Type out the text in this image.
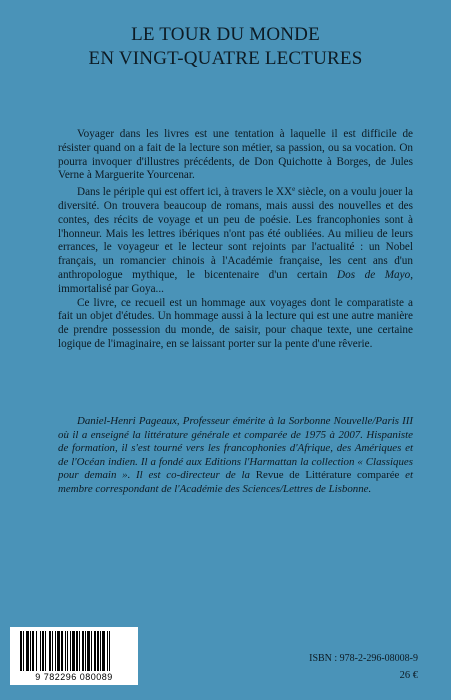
LE TOUR DU MONDE
EN VINGT-QUATRE LECTURES

Voyager dans les livres est une tentation à laquelle il est difficile de résister quand on a fait de la lecture son métier, sa passion, ou sa vocation. On pourra invoquer d'illustres précédents, de Don Quichotte à Borges, de Jules Verne à Marguerite Yourcenar.

Dans le périple qui est offert ici, à travers le XXe siècle, on a voulu jouer la diversité. On trouvera beaucoup de romans, mais aussi des nouvelles et des contes, des récits de voyage et un peu de poésie. Les francophonies sont à l'honneur. Mais les lettres ibériques n'ont pas été oubliées. Au milieu de leurs errances, le voyageur et le lecteur sont rejoints par l'actualité : un Nobel français, un romancier chinois à l'Académie française, les cent ans d'un anthropologue mythique, le bicentenaire d'un certain Dos de Mayo, immortalisé par Goya...

Ce livre, ce recueil est un hommage aux voyages dont le comparatiste a fait un objet d'études. Un hommage aussi à la lecture qui est une autre manière de prendre possession du monde, de saisir, pour chaque texte, une certaine logique de l'imaginaire, en se laissant porter sur la pente d'une rêverie.

Daniel-Henri Pageaux, Professeur émérite à la Sorbonne Nouvelle/Paris III où il a enseigné la littérature générale et comparée de 1975 à 2007. Hispaniste de formation, il s'est tourné vers les francophonies d'Afrique, des Amériques et de l'Océan indien. Il a fondé aux Editions l'Harmattan la collection « Classiques pour demain ». Il est co-directeur de la Revue de Littérature comparée et membre correspondant de l'Académie des Sciences/Lettres de Lisbonne.

9 782296 080089
ISBN : 978-2-296-08008-9
26 €
